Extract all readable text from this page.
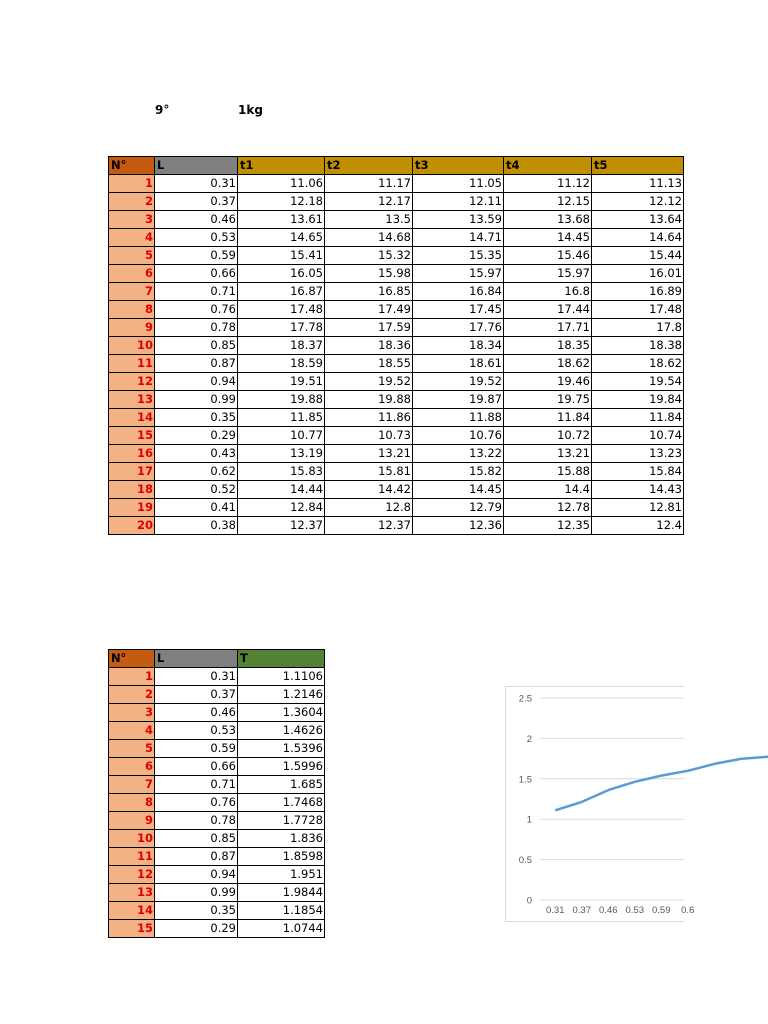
9°	1kg
N°	L	t1	t2	t3	t4	t5
1	0.31	11.06	11.17	11.05	11.12	11.13
2	0.37	12.18	12.17	12.11	12.15	12.12
3	0.46	13.61	13.5	13.59	13.68	13.64
4	0.53	14.65	14.68	14.71	14.45	14.64
5	0.59	15.41	15.32	15.35	15.46	15.44
6	0.66	16.05	15.98	15.97	15.97	16.01
7	0.71	16.87	16.85	16.84	16.8	16.89
8	0.76	17.48	17.49	17.45	17.44	17.48
9	0.78	17.78	17.59	17.76	17.71	17.8
10	0.85	18.37	18.36	18.34	18.35	18.38
11	0.87	18.59	18.55	18.61	18.62	18.62
12	0.94	19.51	19.52	19.52	19.46	19.54
13	0.99	19.88	19.88	19.87	19.75	19.84
14	0.35	11.85	11.86	11.88	11.84	11.84
15	0.29	10.77	10.73	10.76	10.72	10.74
16	0.43	13.19	13.21	13.22	13.21	13.23
17	0.62	15.83	15.81	15.82	15.88	15.84
18	0.52	14.44	14.42	14.45	14.4	14.43
19	0.41	12.84	12.8	12.79	12.78	12.81
20	0.38	12.37	12.37	12.36	12.35	12.4
N°	L	T
1	0.31	1.1106
2	0.37	1.2146
3	0.46	1.3604
4	0.53	1.4626
5	0.59	1.5396
6	0.66	1.5996
7	0.71	1.685
8	0.76	1.7468
9	0.78	1.7728
10	0.85	1.836
11	0.87	1.8598
12	0.94	1.951
13	0.99	1.9844
14	0.35	1.1854
15	0.29	1.0744
0
0.5
1
1.5
2
2.5
0.31 0.37 0.46 0.53 0.59 0.6
